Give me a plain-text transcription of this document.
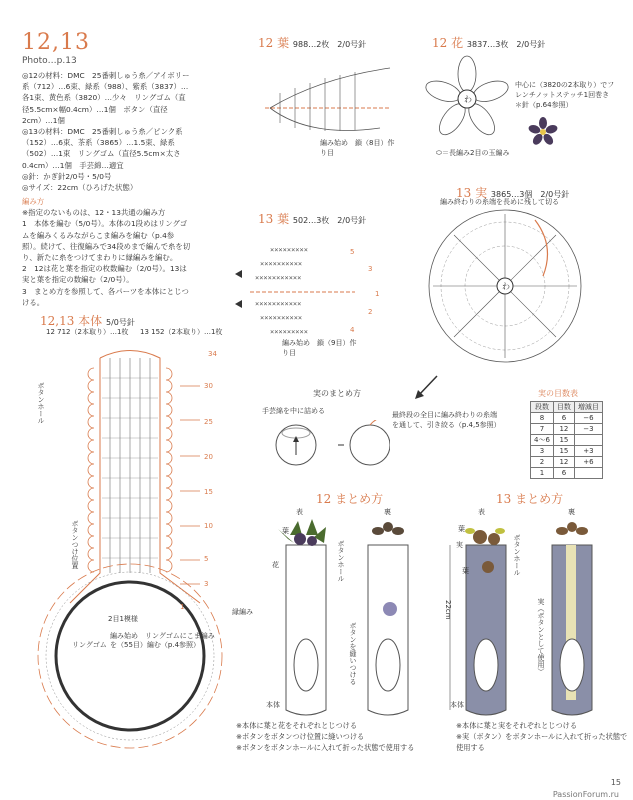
12,13
Photo…p.13
◎12の材料：DMC　25番刺しゅう糸／アイボリー系（712）…6束、緑系（988）、紫系（3837）…各1束、黄色系（3820）…少々　リングゴム（直径5.5cm×幅0.4cm）…1個　ボタン（直径2cm）…1個
◎13の材料：DMC　25番刺しゅう糸／ピンク系（152）…6束、茶系（3865）…1.5束、緑系（502）…1束　リングゴム（直径5.5cm×太さ0.4cm）…1個　手芸綿…適宜
◎針：かぎ針2/0号・5/0号
◎サイズ：22cm（ひろげた状態）
編み方
※指定のないものは、12・13共通の編み方
1　本体を編む（5/0号）。本体の1段めはリングゴムを編みくるみながらこま編みを編む（p.4参照）。続けて、往復編みで34段めまで編んで糸を切り、新たに糸をつけてまわりに縁編みを編む。
2　12は花と葉を指定の枚数編む（2/0号）。13は実と葉を指定の数編む（2/0号）。
3　まとめ方を参照して、各パーツを本体にとじつける。
12,13 本体 5/0号針
12 712（2本取り）…1枚 13 152（2本取り）…1枚
34
30
25
20
15
10
5
3
1
ボタンホール
ボタンつけ位置
縁編み
2目1模様
編み始め　リングゴムにこま編みを（55目）編む（p.4参照）
リングゴム
12 葉 988…2枚　2/0号針
編み始め　鎖（8目）作り目
12 花 3837…3枚　2/0号針
わ
中心に（3820の2本取り）でフレンチノットステッチ1回巻き＊針（p.64参照）
⬭＝長編み2目の玉編み
13 葉 502…3枚　2/0号針
×××××××××
××××××××××
×××××××××××
×××××××××××
××××××××××
×××××××××
5
3
1
2
4
編み始め　鎖（9目）作り目
13 実 3865…3個　2/0号針
編み終わりの糸端を長めに残して切る
わ
実のまとめ方
手芸綿を中に詰める	最終段の全目に編み終わりの糸端を通して、引き絞る（p.4,5参照）
実の目数表
段数	目数	増減目
8	6	−6
7	12	−3
4〜6	15	
3	15	+3
2	12	+6
1	6	
12 まとめ方
表	裏
葉
花	ボタンホール
ボタンを縫いつける
本体
※本体に葉と花をそれぞれとじつける
※ボタンをボタンつけ位置に縫いつける
※ボタンをボタンホールに入れて折った状態で使用する
13 まとめ方
表	裏
22cm
葉
実
葉	ボタンホール
実（ボタンとして使用）
本体
※本体に葉と実をそれぞれとじつける
※実（ボタン）をボタンホールに入れて折った状態で使用する
15
PassionForum.ru
